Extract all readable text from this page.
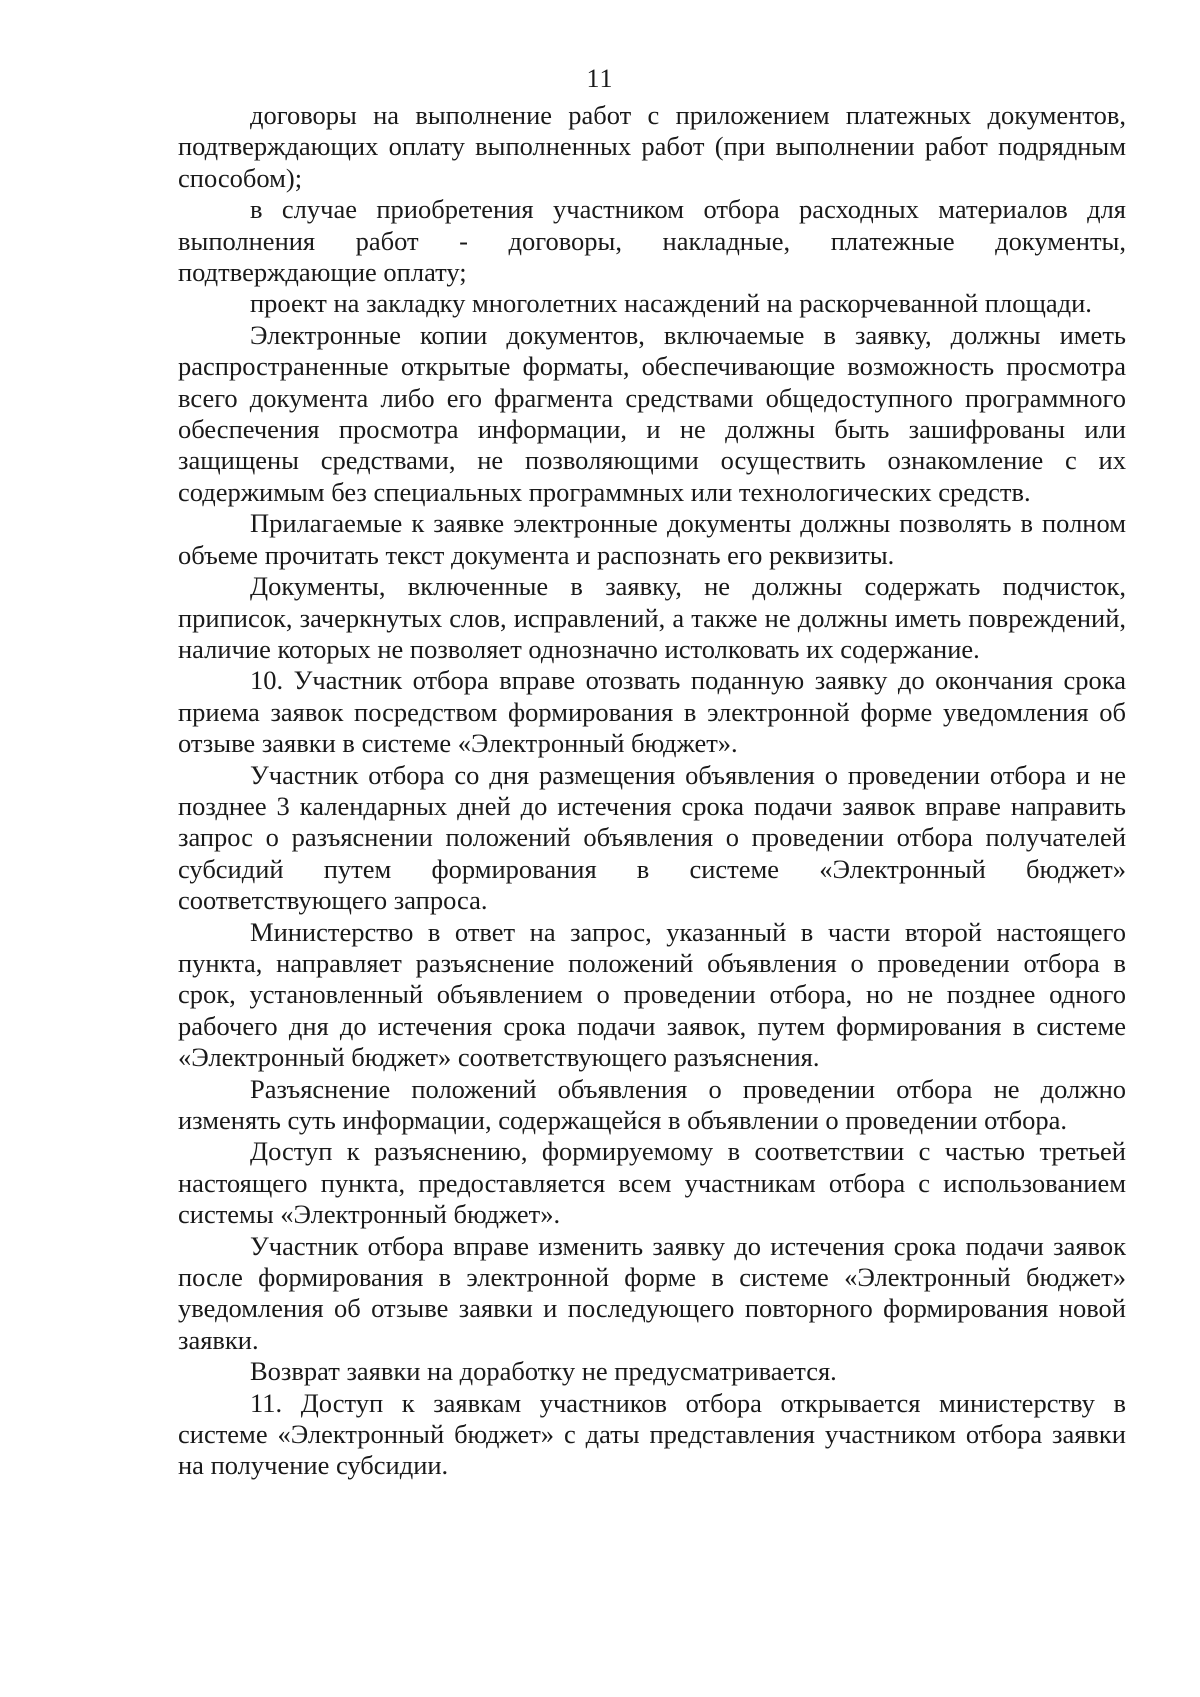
11

договоры на выполнение работ с приложением платежных документов, подтверждающих оплату выполненных работ (при выполнении работ подрядным способом);

в случае приобретения участником отбора расходных материалов для выполнения работ - договоры, накладные, платежные документы, подтверждающие оплату;

проект на закладку многолетних насаждений на раскорчеванной площади.

Электронные копии документов, включаемые в заявку, должны иметь распространенные открытые форматы, обеспечивающие возможность просмотра всего документа либо его фрагмента средствами общедоступного программного обеспечения просмотра информации, и не должны быть зашифрованы или защищены средствами, не позволяющими осуществить ознакомление с их содержимым без специальных программных или технологических средств.

Прилагаемые к заявке электронные документы должны позволять в полном объеме прочитать текст документа и распознать его реквизиты.

Документы, включенные в заявку, не должны содержать подчисток, приписок, зачеркнутых слов, исправлений, а также не должны иметь повреждений, наличие которых не позволяет однозначно истолковать их содержание.

10. Участник отбора вправе отозвать поданную заявку до окончания срока приема заявок посредством формирования в электронной форме уведомления об отзыве заявки в системе «Электронный бюджет».

Участник отбора со дня размещения объявления о проведении отбора и не позднее 3 календарных дней до истечения срока подачи заявок вправе направить запрос о разъяснении положений объявления о проведении отбора получателей субсидий путем формирования в системе «Электронный бюджет» соответствующего запроса.

Министерство в ответ на запрос, указанный в части второй настоящего пункта, направляет разъяснение положений объявления о проведении отбора в срок, установленный объявлением о проведении отбора, но не позднее одного рабочего дня до истечения срока подачи заявок, путем формирования в системе «Электронный бюджет» соответствующего разъяснения.

Разъяснение положений объявления о проведении отбора не должно изменять суть информации, содержащейся в объявлении о проведении отбора.

Доступ к разъяснению, формируемому в соответствии с частью третьей настоящего пункта, предоставляется всем участникам отбора с использованием системы «Электронный бюджет».

Участник отбора вправе изменить заявку до истечения срока подачи заявок после формирования в электронной форме в системе «Электронный бюджет» уведомления об отзыве заявки и последующего повторного формирования новой заявки.

Возврат заявки на доработку не предусматривается.

11. Доступ к заявкам участников отбора открывается министерству в системе «Электронный бюджет» с даты представления участником отбора заявки на получение субсидии.
